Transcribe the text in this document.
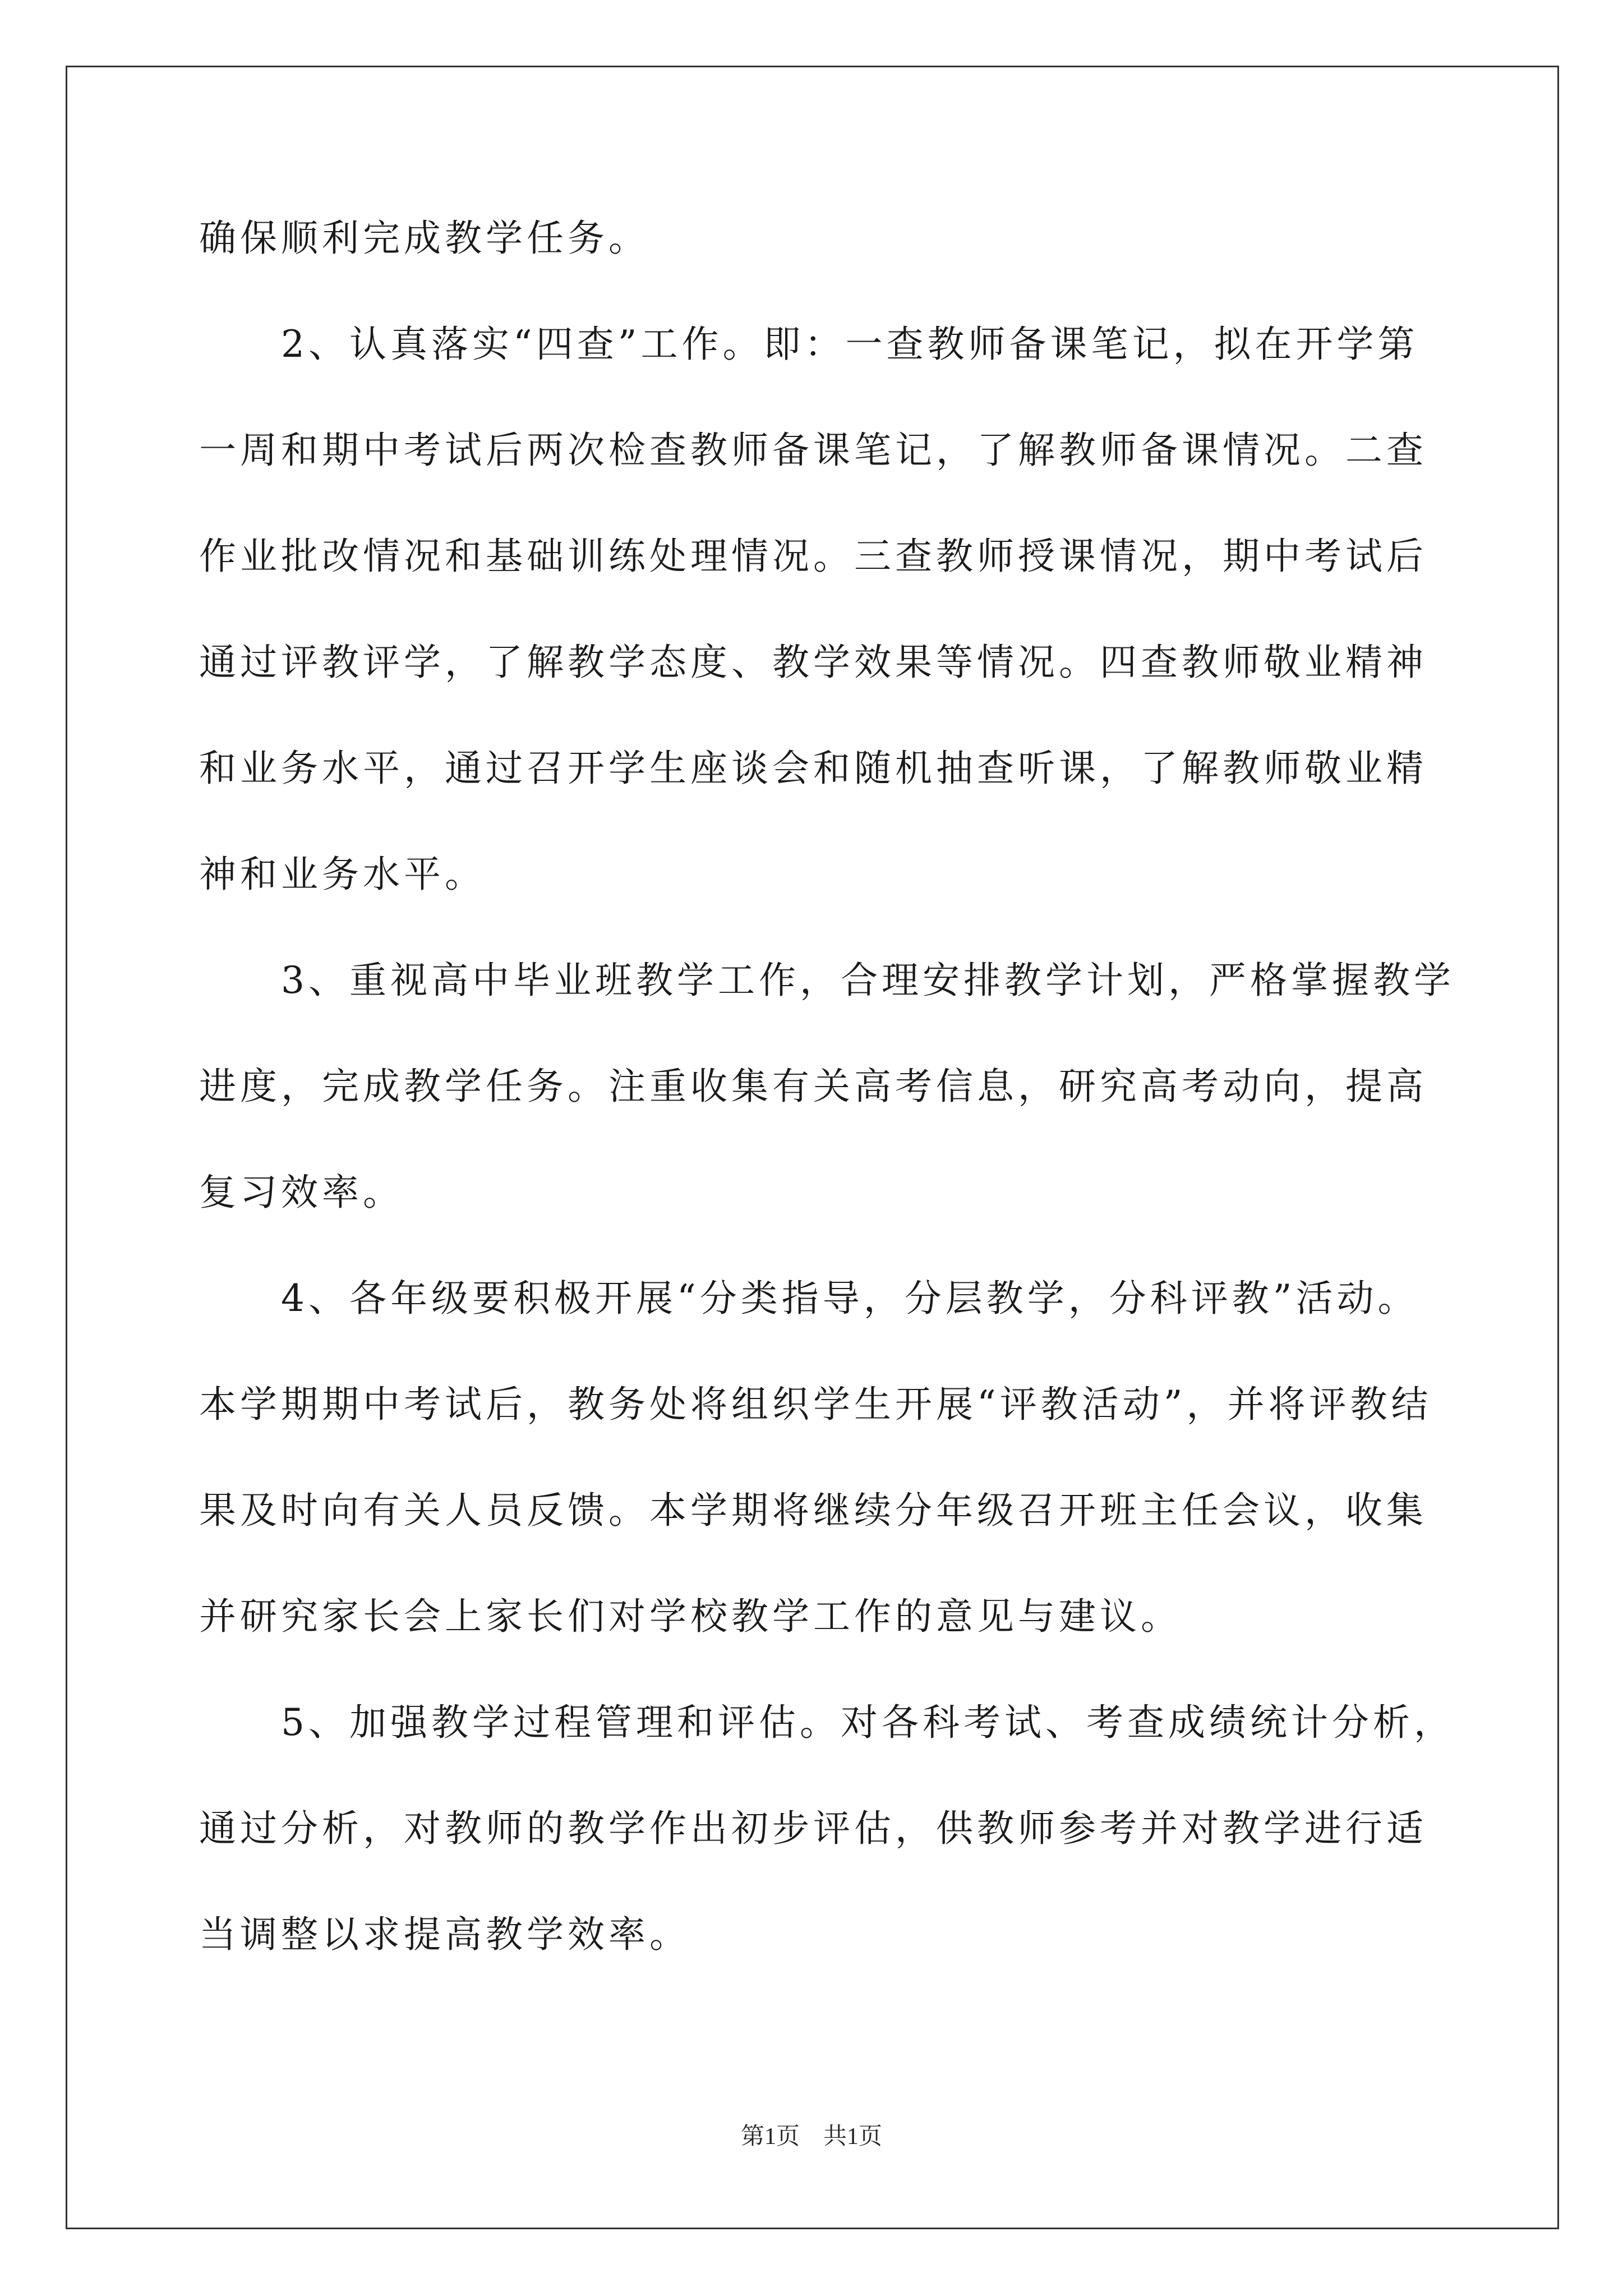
确保顺利完成教学任务。
　　2、认真落实“四查”工作。即：一查教师备课笔记，拟在开学第
一周和期中考试后两次检查教师备课笔记，了解教师备课情况。二查
作业批改情况和基础训练处理情况。三查教师授课情况，期中考试后
通过评教评学，了解教学态度、教学效果等情况。四查教师敬业精神
和业务水平，通过召开学生座谈会和随机抽查听课，了解教师敬业精
神和业务水平。
　　3、重视高中毕业班教学工作，合理安排教学计划，严格掌握教学
进度，完成教学任务。注重收集有关高考信息，研究高考动向，提高
复习效率。
　　4、各年级要积极开展“分类指导，分层教学，分科评教”活动。
本学期期中考试后，教务处将组织学生开展“评教活动”，并将评教结
果及时向有关人员反馈。本学期将继续分年级召开班主任会议，收集
并研究家长会上家长们对学校教学工作的意见与建议。
　　5、加强教学过程管理和评估。对各科考试、考查成绩统计分析，
通过分析，对教师的教学作出初步评估，供教师参考并对教学进行适
当调整以求提高教学效率。
第1页　共1页
